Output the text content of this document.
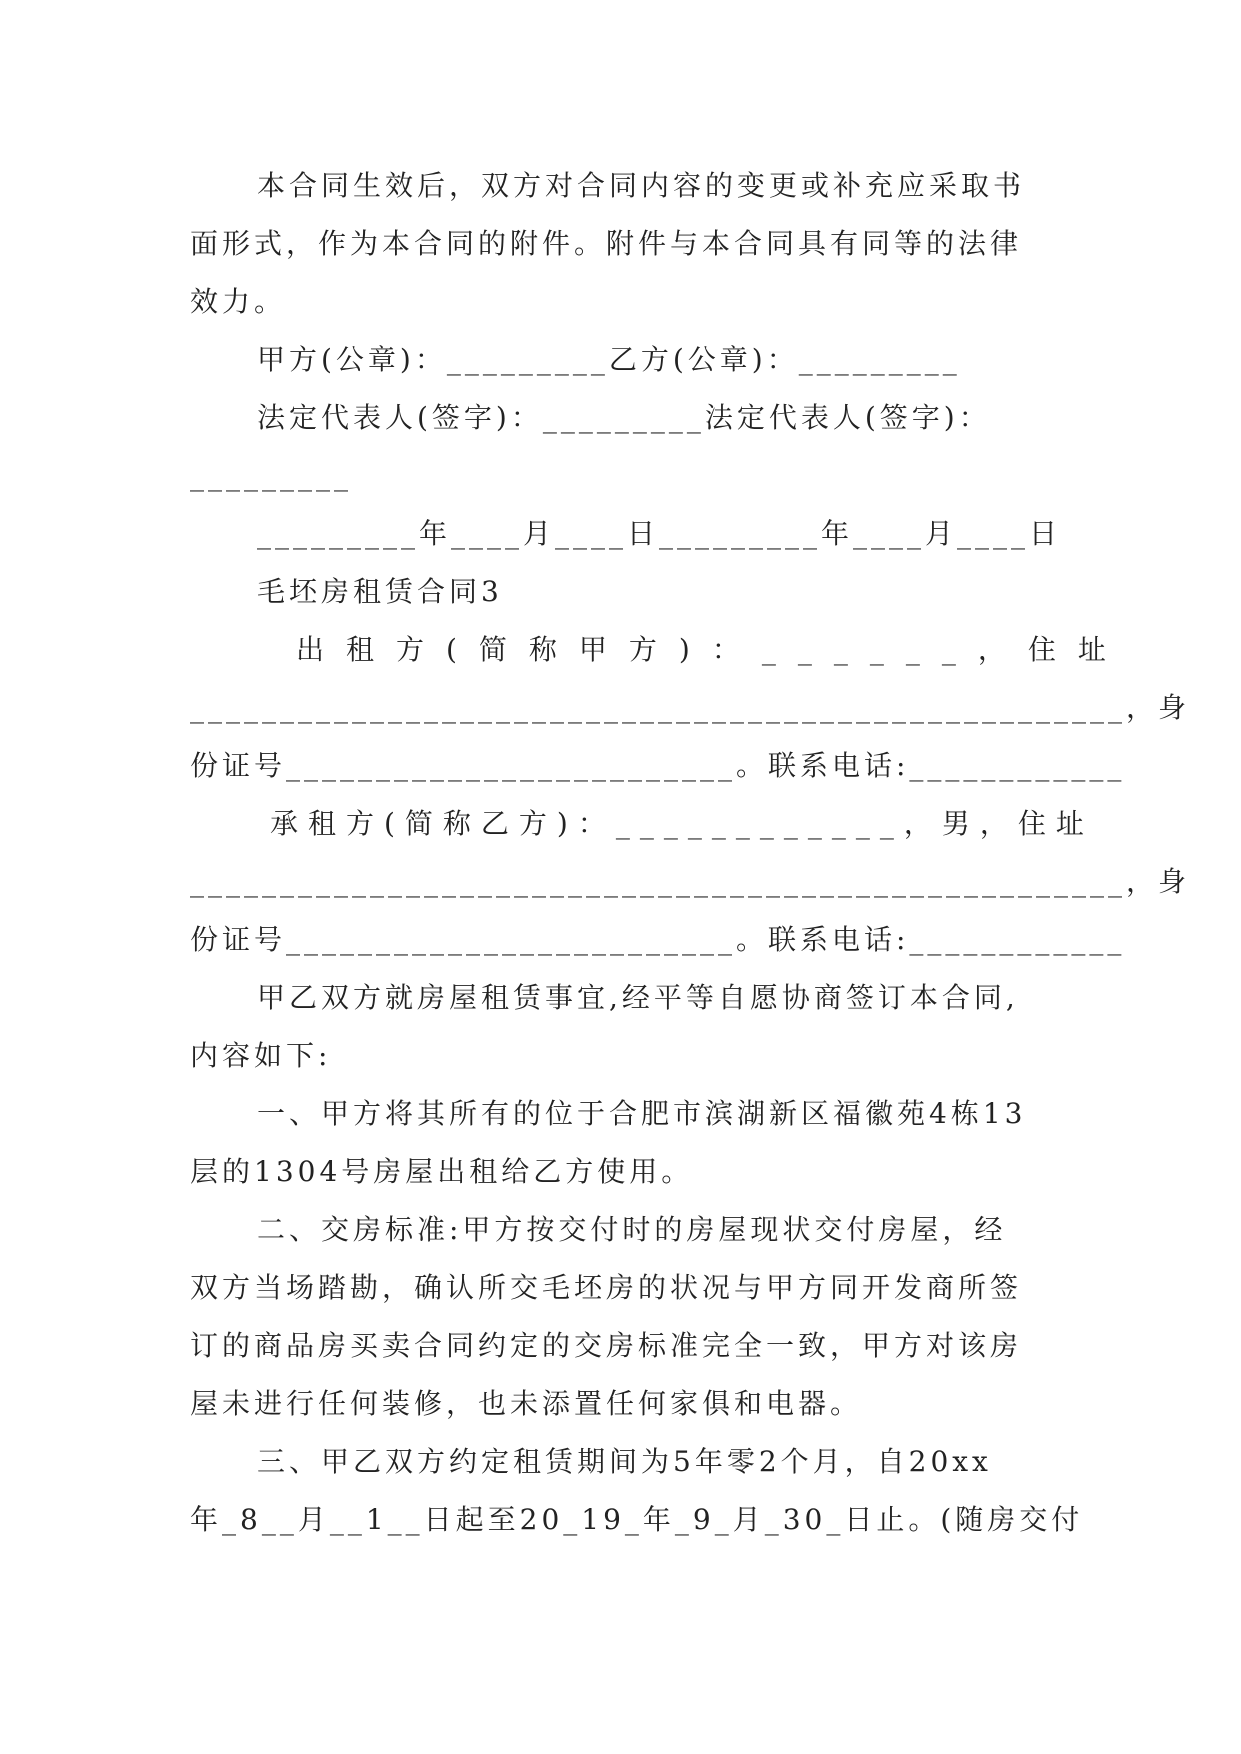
本合同生效后，双方对合同内容的变更或补充应采取书
面形式，作为本合同的附件。附件与本合同具有同等的法律
效力。
甲方(公章)：_________乙方(公章)：_________
法定代表人(签字)：_________法定代表人(签字)：
_________
_________年____月____日_________年____月____日
毛坯房租赁合同3
出租方(简称甲方)：______，住址
____________________________________________________，身
份证号_________________________。联系电话:____________
承租方(简称乙方)：____________，男，住址
____________________________________________________，身
份证号_________________________。联系电话:____________
甲乙双方就房屋租赁事宜,经平等自愿协商签订本合同,
内容如下:
一、甲方将其所有的位于合肥市滨湖新区福徽苑4栋13
层的1304号房屋出租给乙方使用。
二、交房标准:甲方按交付时的房屋现状交付房屋，经
双方当场踏勘，确认所交毛坯房的状况与甲方同开发商所签
订的商品房买卖合同约定的交房标准完全一致，甲方对该房
屋未进行任何装修，也未添置任何家俱和电器。
三、甲乙双方约定租赁期间为5年零2个月，自20xx
年_8__月__1__日起至20_19_年_9_月_30_日止。(随房交付
